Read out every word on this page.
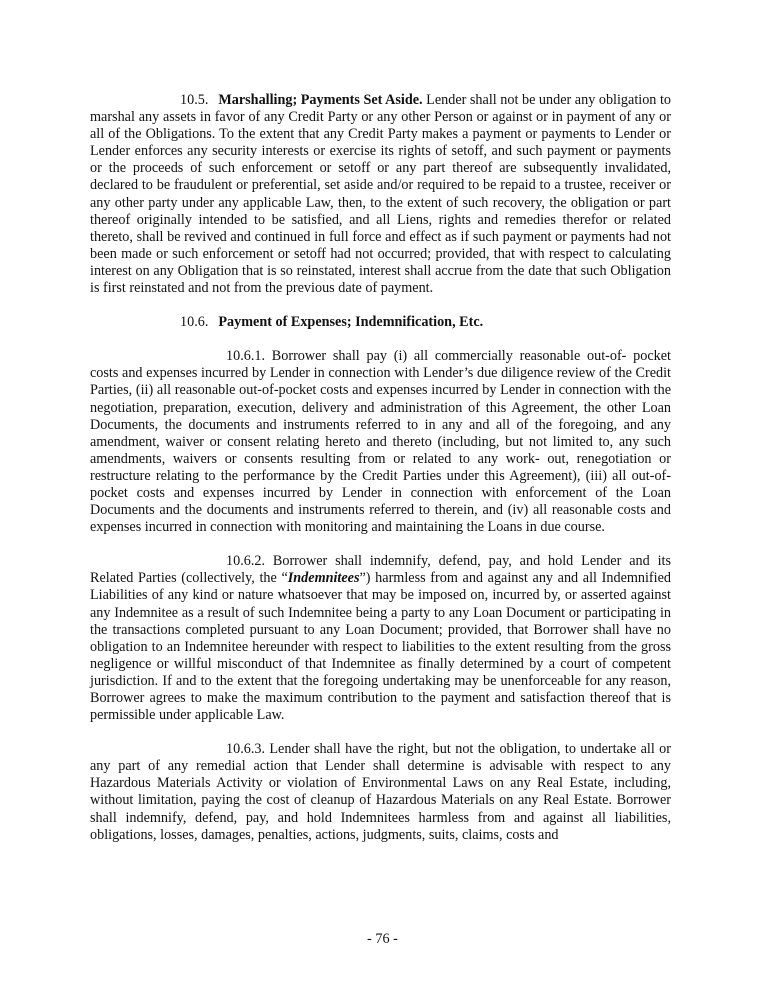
10.5. Marshalling; Payments Set Aside. Lender shall not be under any obligation to marshal any assets in favor of any Credit Party or any other Person or against or in payment of any or all of the Obligations. To the extent that any Credit Party makes a payment or payments to Lender or Lender enforces any security interests or exercise its rights of setoff, and such payment or payments or the proceeds of such enforcement or setoff or any part thereof are subsequently invalidated, declared to be fraudulent or preferential, set aside and/or required to be repaid to a trustee, receiver or any other party under any applicable Law, then, to the extent of such recovery, the obligation or part thereof originally intended to be satisfied, and all Liens, rights and remedies therefor or related thereto, shall be revived and continued in full force and effect as if such payment or payments had not been made or such enforcement or setoff had not occurred; provided, that with respect to calculating interest on any Obligation that is so reinstated, interest shall accrue from the date that such Obligation is first reinstated and not from the previous date of payment.

10.6. Payment of Expenses; Indemnification, Etc.

10.6.1. Borrower shall pay (i) all commercially reasonable out-of- pocket costs and expenses incurred by Lender in connection with Lender’s due diligence review of the Credit Parties, (ii) all reasonable out-of-pocket costs and expenses incurred by Lender in connection with the negotiation, preparation, execution, delivery and administration of this Agreement, the other Loan Documents, the documents and instruments referred to in any and all of the foregoing, and any amendment, waiver or consent relating hereto and thereto (including, but not limited to, any such amendments, waivers or consents resulting from or related to any work- out, renegotiation or restructure relating to the performance by the Credit Parties under this Agreement), (iii) all out-of-pocket costs and expenses incurred by Lender in connection with enforcement of the Loan Documents and the documents and instruments referred to therein, and (iv) all reasonable costs and expenses incurred in connection with monitoring and maintaining the Loans in due course.

10.6.2. Borrower shall indemnify, defend, pay, and hold Lender and its Related Parties (collectively, the “Indemnitees”) harmless from and against any and all Indemnified Liabilities of any kind or nature whatsoever that may be imposed on, incurred by, or asserted against any Indemnitee as a result of such Indemnitee being a party to any Loan Document or participating in the transactions completed pursuant to any Loan Document; provided, that Borrower shall have no obligation to an Indemnitee hereunder with respect to liabilities to the extent resulting from the gross negligence or willful misconduct of that Indemnitee as finally determined by a court of competent jurisdiction. If and to the extent that the foregoing undertaking may be unenforceable for any reason, Borrower agrees to make the maximum contribution to the payment and satisfaction thereof that is permissible under applicable Law.

10.6.3. Lender shall have the right, but not the obligation, to undertake all or any part of any remedial action that Lender shall determine is advisable with respect to any Hazardous Materials Activity or violation of Environmental Laws on any Real Estate, including, without limitation, paying the cost of cleanup of Hazardous Materials on any Real Estate. Borrower shall indemnify, defend, pay, and hold Indemnitees harmless from and against all liabilities, obligations, losses, damages, penalties, actions, judgments, suits, claims, costs and

- 76 -
